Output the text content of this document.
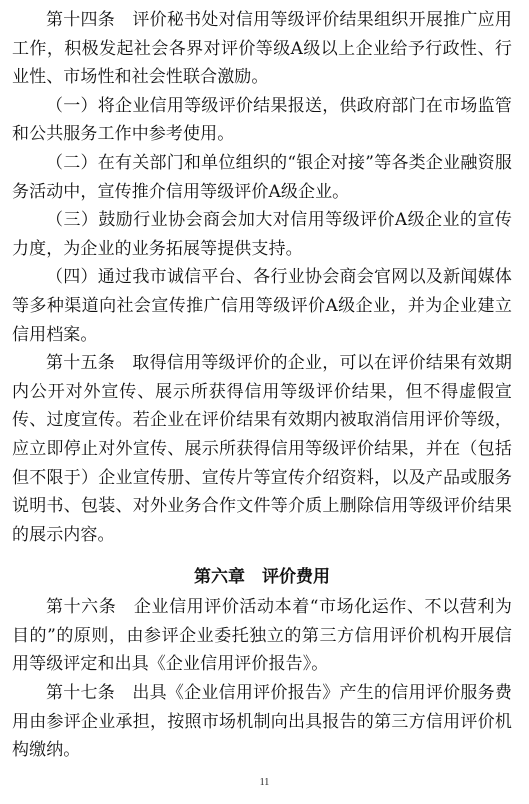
第十四条　评价秘书处对信用等级评价结果组织开展推广应用工作，积极发起社会各界对评价等级A级以上企业给予行政性、行业性、市场性和社会性联合激励。

（一）将企业信用等级评价结果报送，供政府部门在市场监管和公共服务工作中参考使用。

（二）在有关部门和单位组织的“银企对接”等各类企业融资服务活动中，宣传推介信用等级评价A级企业。

（三）鼓励行业协会商会加大对信用等级评价A级企业的宣传力度，为企业的业务拓展等提供支持。

（四）通过我市诚信平台、各行业协会商会官网以及新闻媒体等多种渠道向社会宣传推广信用等级评价A级企业，并为企业建立信用档案。

第十五条　取得信用等级评价的企业，可以在评价结果有效期内公开对外宣传、展示所获得信用等级评价结果，但不得虚假宣传、过度宣传。若企业在评价结果有效期内被取消信用评价等级，应立即停止对外宣传、展示所获得信用等级评价结果，并在（包括但不限于）企业宣传册、宣传片等宣传介绍资料，以及产品或服务说明书、包装、对外业务合作文件等介质上删除信用等级评价结果的展示内容。

第六章 评价费用

第十六条　企业信用评价活动本着“市场化运作、不以营利为目的”的原则，由参评企业委托独立的第三方信用评价机构开展信用等级评定和出具《企业信用评价报告》。

第十七条　出具《企业信用评价报告》产生的信用评价服务费用由参评企业承担，按照市场机制向出具报告的第三方信用评价机构缴纳。

11
